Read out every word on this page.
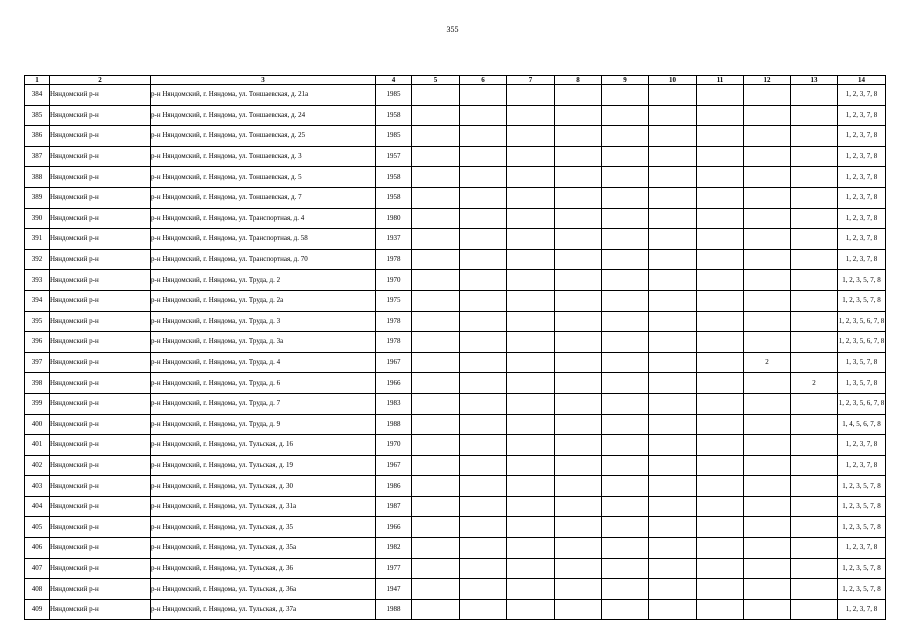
355
1	2	3	4	5	6	7	8	9	10	11	12	13	14
384	Няндомский р-н	р-н Няндомский, г. Няндома, ул. Тоншаевская, д. 21а	1985										1, 2, 3, 7, 8
385	Няндомский р-н	р-н Няндомский, г. Няндома, ул. Тоншаевская, д. 24	1958										1, 2, 3, 7, 8
386	Няндомский р-н	р-н Няндомский, г. Няндома, ул. Тоншаевская, д. 25	1985										1, 2, 3, 7, 8
387	Няндомский р-н	р-н Няндомский, г. Няндома, ул. Тоншаевская, д. 3	1957										1, 2, 3, 7, 8
388	Няндомский р-н	р-н Няндомский, г. Няндома, ул. Тоншаевская, д. 5	1958										1, 2, 3, 7, 8
389	Няндомский р-н	р-н Няндомский, г. Няндома, ул. Тоншаевская, д. 7	1958										1, 2, 3, 7, 8
390	Няндомский р-н	р-н Няндомский, г. Няндома, ул. Транспортная, д. 4	1980										1, 2, 3, 7, 8
391	Няндомский р-н	р-н Няндомский, г. Няндома, ул. Транспортная, д. 58	1937										1, 2, 3, 7, 8
392	Няндомский р-н	р-н Няндомский, г. Няндома, ул. Транспортная, д. 70	1978										1, 2, 3, 7, 8
393	Няндомский р-н	р-н Няндомский, г. Няндома, ул. Труда, д. 2	1970										1, 2, 3, 5, 7, 8
394	Няндомский р-н	р-н Няндомский, г. Няндома, ул. Труда, д. 2а	1975										1, 2, 3, 5, 7, 8
395	Няндомский р-н	р-н Няндомский, г. Няндома, ул. Труда, д. 3	1978										1, 2, 3, 5, 6, 7, 8
396	Няндомский р-н	р-н Няндомский, г. Няндома, ул. Труда, д. 3а	1978										1, 2, 3, 5, 6, 7, 8
397	Няндомский р-н	р-н Няндомский, г. Няндома, ул. Труда, д. 4	1967								2		1, 3, 5, 7, 8
398	Няндомский р-н	р-н Няндомский, г. Няндома, ул. Труда, д. 6	1966									2	1, 3, 5, 7, 8
399	Няндомский р-н	р-н Няндомский, г. Няндома, ул. Труда, д. 7	1983										1, 2, 3, 5, 6, 7, 8
400	Няндомский р-н	р-н Няндомский, г. Няндома, ул. Труда, д. 9	1988										1, 4, 5, 6, 7, 8
401	Няндомский р-н	р-н Няндомский, г. Няндома, ул. Тульская, д. 16	1970										1, 2, 3, 7, 8
402	Няндомский р-н	р-н Няндомский, г. Няндома, ул. Тульская, д. 19	1967										1, 2, 3, 7, 8
403	Няндомский р-н	р-н Няндомский, г. Няндома, ул. Тульская, д. 30	1986										1, 2, 3, 5, 7, 8
404	Няндомский р-н	р-н Няндомский, г. Няндома, ул. Тульская, д. 31а	1987										1, 2, 3, 5, 7, 8
405	Няндомский р-н	р-н Няндомский, г. Няндома, ул. Тульская, д. 35	1966										1, 2, 3, 5, 7, 8
406	Няндомский р-н	р-н Няндомский, г. Няндома, ул. Тульская, д. 35а	1982										1, 2, 3, 7, 8
407	Няндомский р-н	р-н Няндомский, г. Няндома, ул. Тульская, д. 36	1977										1, 2, 3, 5, 7, 8
408	Няндомский р-н	р-н Няндомский, г. Няндома, ул. Тульская, д. 36а	1947										1, 2, 3, 5, 7, 8
409	Няндомский р-н	р-н Няндомский, г. Няндома, ул. Тульская, д. 37а	1988										1, 2, 3, 7, 8
